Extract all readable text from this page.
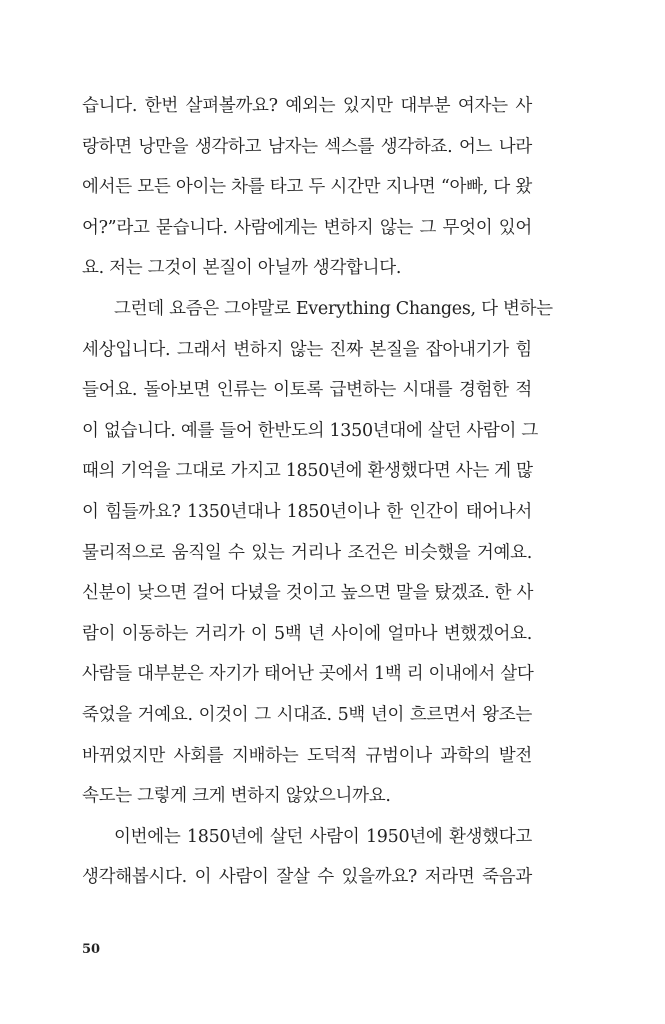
습니다. 한번 살펴볼까요? 예외는 있지만 대부분 여자는 사
랑하면 낭만을 생각하고 남자는 섹스를 생각하죠. 어느 나라
에서든 모든 아이는 차를 타고 두 시간만 지나면 “아빠, 다 왔
어?”라고 묻습니다. 사람에게는 변하지 않는 그 무엇이 있어
요. 저는 그것이 본질이 아닐까 생각합니다.
그런데 요즘은 그야말로 Everything Changes, 다 변하는
세상입니다. 그래서 변하지 않는 진짜 본질을 잡아내기가 힘
들어요. 돌아보면 인류는 이토록 급변하는 시대를 경험한 적
이 없습니다. 예를 들어 한반도의 1350년대에 살던 사람이 그
때의 기억을 그대로 가지고 1850년에 환생했다면 사는 게 많
이 힘들까요? 1350년대나 1850년이나 한 인간이 태어나서
물리적으로 움직일 수 있는 거리나 조건은 비슷했을 거예요.
신분이 낮으면 걸어 다녔을 것이고 높으면 말을 탔겠죠. 한 사
람이 이동하는 거리가 이 5백 년 사이에 얼마나 변했겠어요.
사람들 대부분은 자기가 태어난 곳에서 1백 리 이내에서 살다
죽었을 거예요. 이것이 그 시대죠. 5백 년이 흐르면서 왕조는
바뀌었지만 사회를 지배하는 도덕적 규범이나 과학의 발전
속도는 그렇게 크게 변하지 않았으니까요.
이번에는 1850년에 살던 사람이 1950년에 환생했다고
생각해봅시다. 이 사람이 잘살 수 있을까요? 저라면 죽음과
50
